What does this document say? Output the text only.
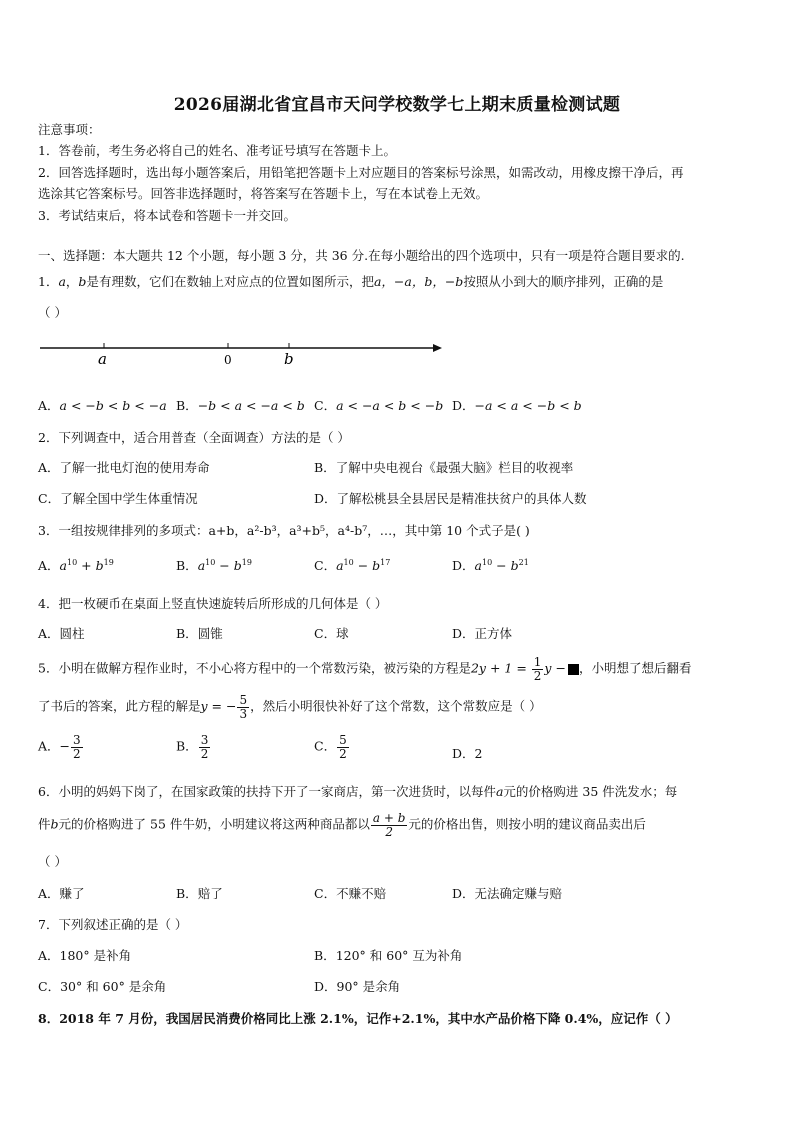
2026届湖北省宜昌市天问学校数学七上期末质量检测试题
注意事项：
1．答卷前，考生务必将自己的姓名、准考证号填写在答题卡上。
2．回答选择题时，选出每小题答案后，用铅笔把答题卡上对应题目的答案标号涂黑，如需改动，用橡皮擦干净后，再
选涂其它答案标号。回答非选择题时，将答案写在答题卡上，写在本试卷上无效。
3．考试结束后，将本试卷和答题卡一并交回。
一、选择题：本大题共 12 个小题，每小题 3 分，共 36 分.在每小题给出的四个选项中，只有一项是符合题目要求的.
1．a，b是有理数，它们在数轴上对应点的位置如图所示，把a，−a，b，−b按照从小到大的顺序排列，正确的是
（ ）
a	0	b
A．a < −b < b < −a B．−b < a < −a < b C．a < −a < b < −b D．−a < a < −b < b
2．下列调查中，适合用普查（全面调查）方法的是（ ）
A．了解一批电灯泡的使用寿命	B．了解中央电视台《最强大脑》栏目的收视率
C．了解全国中学生体重情况	D．了解松桃县全县居民是精准扶贫户的具体人数
3．一组按规律排列的多项式：a+b，a²-b³，a³+b⁵，a⁴-b⁷，…，其中第 10 个式子是( )
A．$a^{10} + b^{19}$	B．$a^{10} - b^{19}$	C．$a^{10} - b^{17}$	D．$a^{10} - b^{21}$
4．把一枚硬币在桌面上竖直快速旋转后所形成的几何体是（ ）
A．圆柱	B．圆锥	C．球	D．正方体
5．小明在做解方程作业时，不小心将方程中的一个常数污染，被污染的方程是$2y + 1 = \frac{1}{2}$ y − ，小明想了想后翻看
了书后的答案，此方程的解是y = − $\frac{5}{3}$ ，然后小明很快补好了这个常数，这个常数应是（ ）
A．− $\frac{3}{2}$	B． $\frac{3}{2}$	C． $\frac{5}{2}$	D．2
6．小明的妈妈下岗了，在国家政策的扶持下开了一家商店，第一次进货时，以每件a元的价格购进 35 件洗发水；每
件b元的价格购进了 55 件牛奶，小明建议将这两种商品都以 $\frac{a + b}{2}$ 元的价格出售，则按小明的建议商品卖出后
（ ）
A．赚了	B．赔了	C．不赚不赔	D．无法确定赚与赔
7．下列叙述正确的是（ ）
A．180° 是补角	B．120° 和 60° 互为补角
C．30° 和 60° 是余角	D．90° 是余角
8．2018 年 7 月份，我国居民消费价格同比上涨 2.1%，记作+2.1%，其中水产品价格下降 0.4%，应记作（ ）
